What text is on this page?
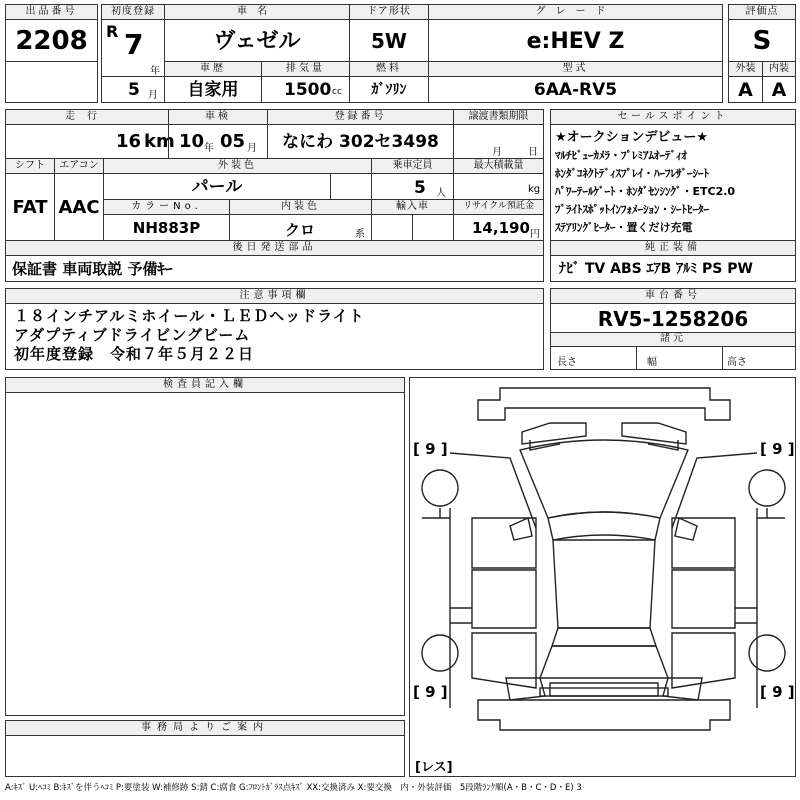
出品番号
2208
初度登録
R 7
年
5 月
車名
ヴェゼル
ドア形状
5W
グレード
e:HEV Z
評価点
S
車歴
自家用
排気量
1500 cc
燃料
ｶﾞｿﾘﾝ
型式
6AA-RV5
外装	内装
A A
走行
16 km
車検
10 年 05 月
登録番号
なにわ 302セ3498
譲渡書類期限
月	日
シフト	エアコン
FAT AAC
外装色
パール
乗車定員
5 人
最大積載量
kg
カラーNo.
NH883P
内装色
クロ	系
輸入車	リサイクル預託金
14,190 円
セールスポイント
★オークションデビュー★
ﾏﾙﾁﾋﾞｭｰｶﾒﾗ・ﾌﾟﾚﾐｱﾑｵｰﾃﾞｨｵ
ﾎﾝﾀﾞｺﾈｸﾄﾃﾞｨｽﾌﾟﾚｲ・ﾊｰﾌﾚｻﾞｰｼｰﾄ
ﾊﾟﾜｰﾃｰﾙｹﾞｰﾄ・ﾎﾝﾀﾞｾﾝｼﾝｸﾞ・ETC2.0
ﾌﾞﾗｲﾄｽﾎﾟｯﾄｲﾝﾌｫﾒｰｼｮﾝ・ｼｰﾄﾋｰﾀｰ
ｽﾃｱﾘﾝｸﾞﾋｰﾀｰ・置くだけ充電
後日発送部品
保証書 車両取説 予備ｷｰ
純正装備
ﾅﾋﾞ TV ABS ｴｱB ｱﾙﾐ PS PW
注意事項欄
１８インチアルミホイール・ＬＥＤヘッドライト
アダプティブドライビングビーム
初年度登録　令和７年５月２２日
車台番号
RV5-1258206
諸元
長さ	幅	高さ
検査員記入欄
事務局よりご案内
[ 9 ]	[ 9 ]
[ 9 ]	[ 9 ]
[レス]
A:ｷｽﾞ U:ﾍｺﾐ B:ｷｽﾞを伴うﾍｺﾐ P:要塗装 W:補修跡 S:錆 C:腐食 G:ﾌﾛﾝﾄｶﾞﾗｽ点ｷｽﾞ XX:交換済み X:要交換　内・外装評価　5段階ﾗﾝｸ順(A・B・C・D・E) 3
